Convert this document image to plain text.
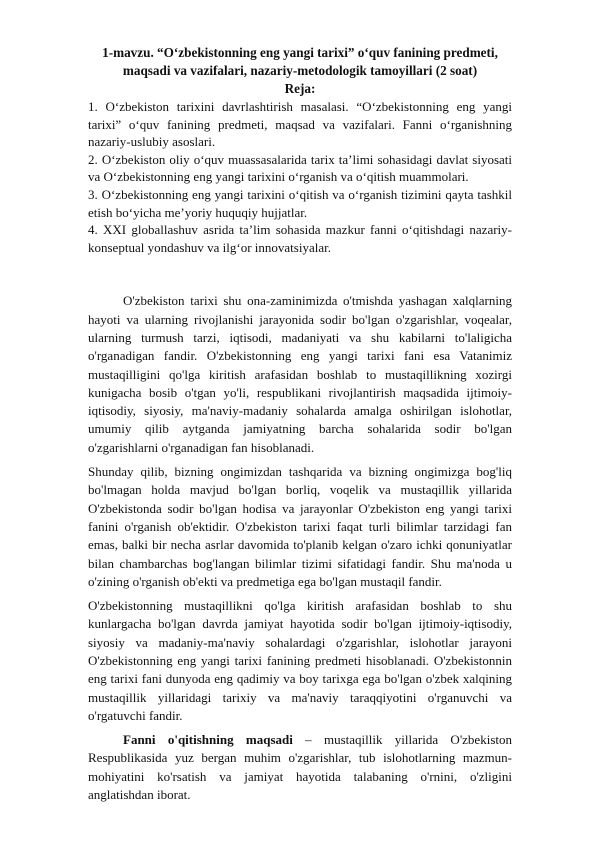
1-mavzu. “O‘zbekistonning eng yangi tarixi” o‘quv fanining predmeti, maqsadi va vazifalari, nazariy-metodologik tamoyillari (2 soat)

Reja:

1. O‘zbekiston tarixini davrlashtirish masalasi. “O‘zbekistonning eng yangi tarixi” o‘quv fanining predmeti, maqsad va vazifalari. Fanni o‘rganishning nazariy-uslubiy asoslari.

2. O‘zbekiston oliy o‘quv muassasalarida tarix ta’limi sohasidagi davlat siyosati va O‘zbekistonning eng yangi tarixini o‘rganish va o‘qitish muammolari.

3. O‘zbekistonning eng yangi tarixini o‘qitish va o‘rganish tizimini qayta tashkil etish bo‘yicha me’yoriy huquqiy hujjatlar.

4. XXI globallashuv asrida ta’lim sohasida mazkur fanni o‘qitishdagi nazariy-konseptual yondashuv va ilg‘or innovatsiyalar.

O'zbekiston tarixi shu ona-zaminimizda o'tmishda yashagan xalqlarning hayoti va ularning rivojlanishi jarayonida sodir bo'lgan o'zgarishlar, voqealar, ularning turmush tarzi, iqtisodi, madaniyati va shu kabilarni to'laligicha o'rganadigan fandir. O'zbekistonning eng yangi tarixi fani esa Vatanimiz mustaqilligini qo'lga kiritish arafasidan boshlab to mustaqillikning xozirgi kunigacha bosib o'tgan yo'li, respublikani rivojlantirish maqsadida ijtimoiy-iqtisodiy, siyosiy, ma'naviy-madaniy sohalarda amalga oshirilgan islohotlar, umumiy qilib aytganda jamiyatning barcha sohalarida sodir bo'lgan o'zgarishlarni o'rganadigan fan hisoblanadi.

Shunday qilib, bizning ongimizdan tashqarida va bizning ongimizga bog'liq bo'lmagan holda mavjud bo'lgan borliq, voqelik va mustaqillik yillarida O'zbekistonda sodir bo'lgan hodisa va jarayonlar O'zbekiston eng yangi tarixi fanini o'rganish ob'ektidir. O'zbekiston tarixi faqat turli bilimlar tarzidagi fan emas, balki bir necha asrlar davomida to'planib kelgan o'zaro ichki qonuniyatlar bilan chambarchas bog'langan bilimlar tizimi sifatidagi fandir. Shu ma'noda u o'zining o'rganish ob'ekti va predmetiga ega bo'lgan mustaqil fandir.

O'zbekistonning mustaqillikni qo'lga kiritish arafasidan boshlab to shu kunlargacha bo'lgan davrda jamiyat hayotida sodir bo'lgan ijtimoiy-iqtisodiy, siyosiy va madaniy-ma'naviy sohalardagi o'zgarishlar, islohotlar jarayoni O'zbekistonning eng yangi tarixi fanining predmeti hisoblanadi. O'zbekistonnin eng tarixi fani dunyoda eng qadimiy va boy tarixga ega bo'lgan o'zbek xalqining mustaqillik yillaridagi tarixiy va ma'naviy taraqqiyotini o'rganuvchi va o'rgatuvchi fandir.

Fanni o'qitishning maqsadi – mustaqillik yillarida O'zbekiston Respublikasida yuz bergan muhim o'zgarishlar, tub islohotlarning mazmun-mohiyatini ko'rsatish va jamiyat hayotida talabaning o'rnini, o'zligini anglatishdan iborat.
